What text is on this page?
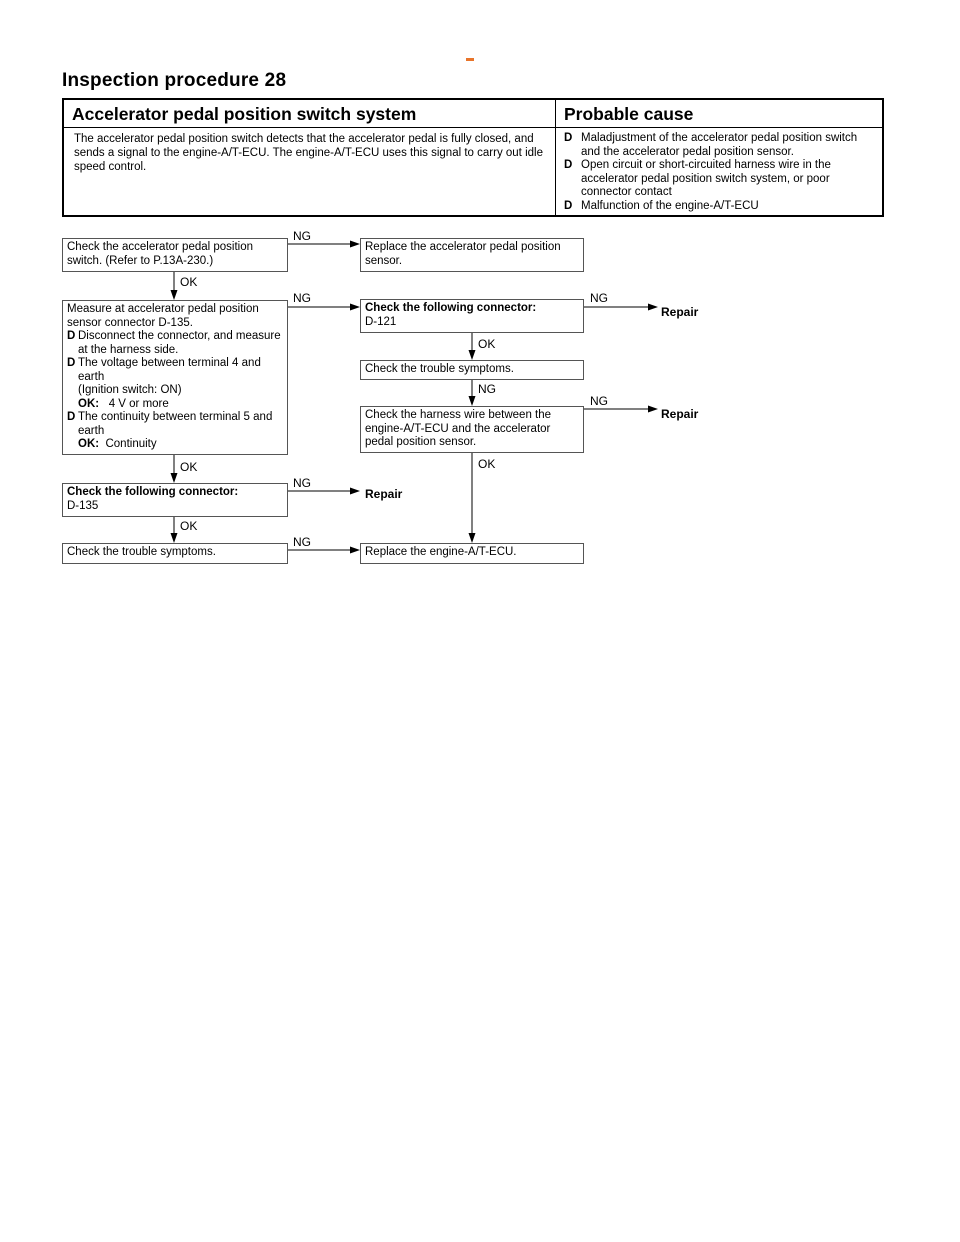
Inspection procedure 28
Accelerator pedal position switch system	Probable cause
The accelerator pedal position switch detects that the accelerator pedal is fully closed, and sends a signal to the engine-A/T-ECU. The engine-A/T-ECU uses this signal to carry out idle speed control.
D Maladjustment of the accelerator pedal position switch and the accelerator pedal position sensor.
D Open circuit or short-circuited harness wire in the accelerator pedal position switch system, or poor connector contact
D Malfunction of the engine-A/T-ECU
Check the accelerator pedal position switch. (Refer to P.13A-230.)
Measure at accelerator pedal position sensor connector D-135.
D Disconnect the connector, and measure at the harness side.
D The voltage between terminal 4 and earth
(Ignition switch: ON)
OK: 4 V or more
D The continuity between terminal 5 and earth
OK: Continuity
Check the following connector:
D-135
Check the trouble symptoms.
Replace the accelerator pedal position sensor.
Check the following connector:
D-121
Check the trouble symptoms.
Check the harness wire between the engine-A/T-ECU and the accelerator pedal position sensor.
Replace the engine-A/T-ECU.
OK
OK
OK
OK
OK
NG
NG
NG
NG
NG
NG
NG
Repair
Repair
Repair
